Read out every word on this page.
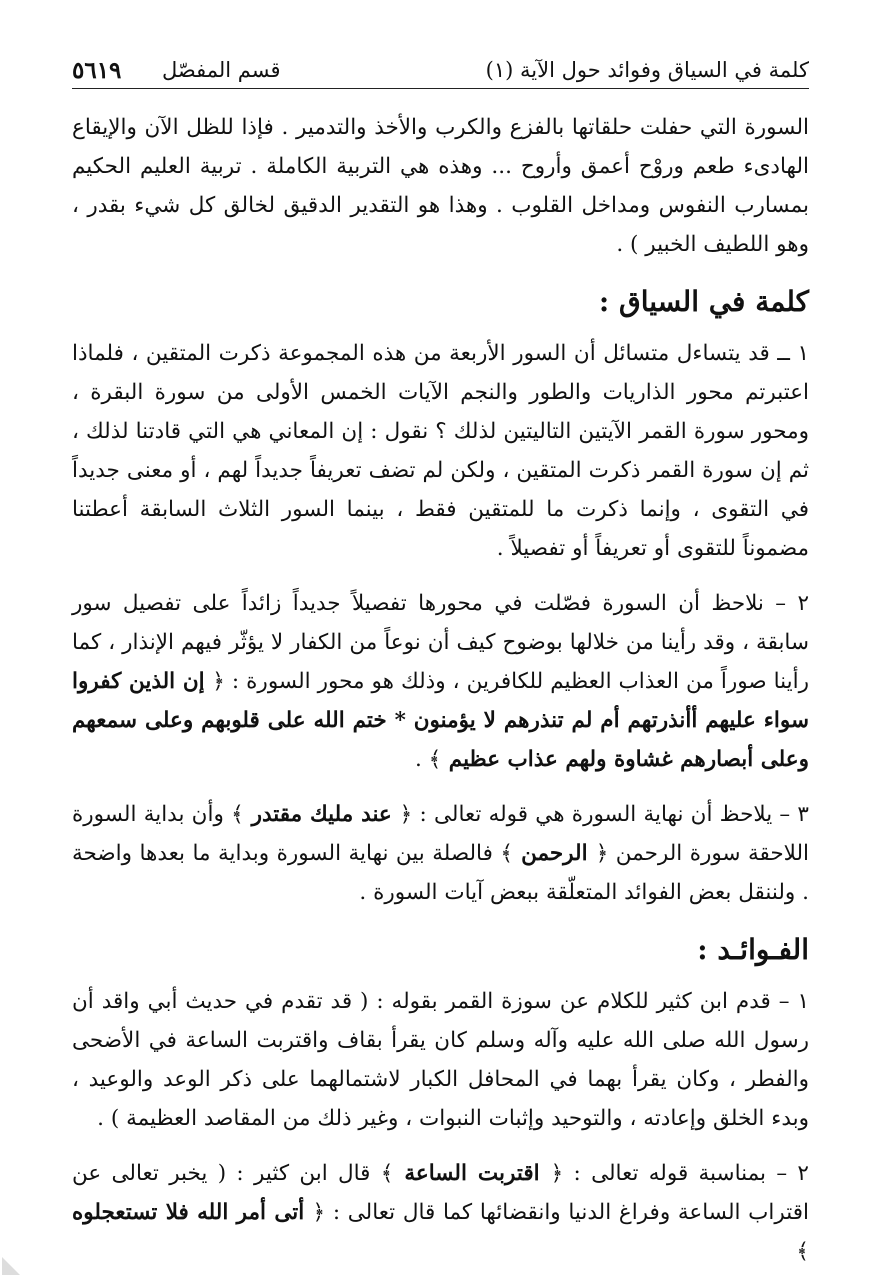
كلمة في السياق وفوائد حول الآية (١)
قسم المفصّل
٥٦١٩

السورة التي حفلت حلقاتها بالفزع والكرب والأخذ والتدمير . فإذا للظل الآن والإيقاع الهادىء طعم وروْح أعمق وأروح ... وهذه هي التربية الكاملة . تربية العليم الحكيم بمسارب النفوس ومداخل القلوب . وهذا هو التقدير الدقيق لخالق كل شيء بقدر ، وهو اللطيف الخبير ) .

كلمة في السياق :

١ ــ قد يتساءل متسائل أن السور الأربعة من هذه المجموعة ذكرت المتقين ، فلماذا اعتبرتم محور الذاريات والطور والنجم الآيات الخمس الأولى من سورة البقرة ، ومحور سورة القمر الآيتين التاليتين لذلك ؟ نقول : إن المعاني هي التي قادتنا لذلك ، ثم إن سورة القمر ذكرت المتقين ، ولكن لم تضف تعريفاً جديداً لهم ، أو معنى جديداً في التقوى ، وإنما ذكرت ما للمتقين فقط ، بينما السور الثلاث السابقة أعطتنا مضموناً للتقوى أو تعريفاً أو تفصيلاً .

٢ – نلاحظ أن السورة فصّلت في محورها تفصيلاً جديداً زائداً على تفصيل سور سابقة ، وقد رأينا من خلالها بوضوح كيف أن نوعاً من الكفار لا يؤثّر فيهم الإنذار ، كما رأينا صوراً من العذاب العظيم للكافرين ، وذلك هو محور السورة : ﴿ إن الذين كفروا سواء عليهم أأنذرتهم أم لم تنذرهم لا يؤمنون * ختم الله على قلوبهم وعلى سمعهم وعلى أبصارهم غشاوة ولهم عذاب عظيم ﴾ .

٣ – يلاحظ أن نهاية السورة هي قوله تعالى : ﴿ عند مليك مقتدر ﴾ وأن بداية السورة اللاحقة سورة الرحمن ﴿ الرحمن ﴾ فالصلة بين نهاية السورة وبداية ما بعدها واضحة . ولننقل بعض الفوائد المتعلّقة ببعض آيات السورة .

الفـوائـد :

١ – قدم ابن كثير للكلام عن سوزة القمر بقوله : ( قد تقدم في حديث أبي واقد أن رسول الله صلى الله عليه وآله وسلم كان يقرأ بقاف واقتربت الساعة في الأضحى والفطر ، وكان يقرأ بهما في المحافل الكبار لاشتمالهما على ذكر الوعد والوعيد ، وبدء الخلق وإعادته ، والتوحيد وإثبات النبوات ، وغير ذلك من المقاصد العظيمة ) .

٢ – بمناسبة قوله تعالى : ﴿ اقتربت الساعة ﴾ قال ابن كثير : ( يخبر تعالى عن اقتراب الساعة وفراغ الدنيا وانقضائها كما قال تعالى : ﴿ أتى أمر الله فلا تستعجلوه ﴾
